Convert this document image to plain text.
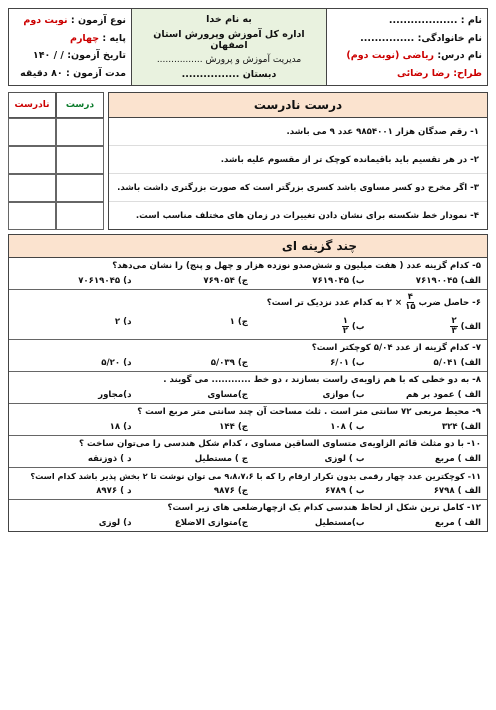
نام : ...................
نام خانوادگی: ...............
نام درس: ریاضی (نوبت دوم)
طراح: رضا رضائی
به نام خدا
اداره کل آموزش وپرورش استان اصفهان
مدیریت آموزش و پرورش ................
دبستان ................
نوع آزمون : نوبت دوم
پایه : چهارم
تاریخ آزمون: / / ۱۴۰
مدت آزمون : ۸۰ دقیقه
درست نادرست
۱- رقم صدگان هزار ۹۸۵۴۰۰۱ عدد ۹ می باشد.
۲- در هر تقسیم باید باقیمانده کوچک تر از مقسوم علیه باشد.
۳- اگر مخرج دو کسر مساوی باشد کسری بزرگتر است که صورت بزرگتری داشت باشد.
۴- نمودار خط شکسته برای نشان دادن تغییرات در زمان های مختلف مناسب است.
درست
نادرست
چند گزینه ای
۵- کدام گزینه عدد ( هفت میلیون و شش‌صدو نوزده هزار و چهل و پنج) را نشان می‌دهد؟
الف) ۷۶۱۹۰۰۴۵
ب) ۷۶۱۹۰۴۵
ج) ۷۶۹۰۵۴
د) ۷۰۶۱۹۰۴۵
۶- حاصل ضرب
$\frac{۴}{۱۵}$
× ۲ به کدام عدد نزدیک تر است؟
الف)
$\frac{۲}{۳}$
ب)
$\frac{۱}{۲}$
ج) ۱
د) ۲
۷- کدام گزینه از عدد ۵/۰۴ کوچکتر است؟
الف) ۵/۰۴۱
ب) ۶/۰۱
ج) ۵/۰۳۹
د) ۵/۲۰
۸- به دو خطی که با هم زاویه‌ی راست بسازند ، دو خط ............ می گویند .
الف ) عمود بر هم
ب) موازی
ج)مساوی
د)مجاور
۹- محیط مربعی ۷۲ سانتی متر است . ثلث مساحت آن چند سانتی متر مربع است ؟
الف) ۳۲۴
ب ) ۱۰۸
ج) ۱۴۴
د) ۱۸
۱۰- با دو مثلث قائم الزاویه‌ی متساوی الساقین مساوی ، کدام شکل هندسی را می‌توان ساخت ؟
الف ) مربع
ب ) لوزی
ج ) مستطیل
د ) ذوزنقه
۱۱- کوچکترین عدد چهار رقمی بدون تکرار ارقام را که با ۹،۸،۷،۶ می توان نوشت تا ۲ بخش پذیر باشد کدام است؟
الف ) ۶۷۹۸
ب ) ۶۷۸۹
ج) ۹۸۷۶
د ) ۸۹۷۶
۱۲- کامل ترین شکل از لحاظ هندسی کدام یک ازچهارضلعی های زیر است؟
الف ) مربع
ب)مستطیل
ج)متوازی الاضلاع
د) لوزی
